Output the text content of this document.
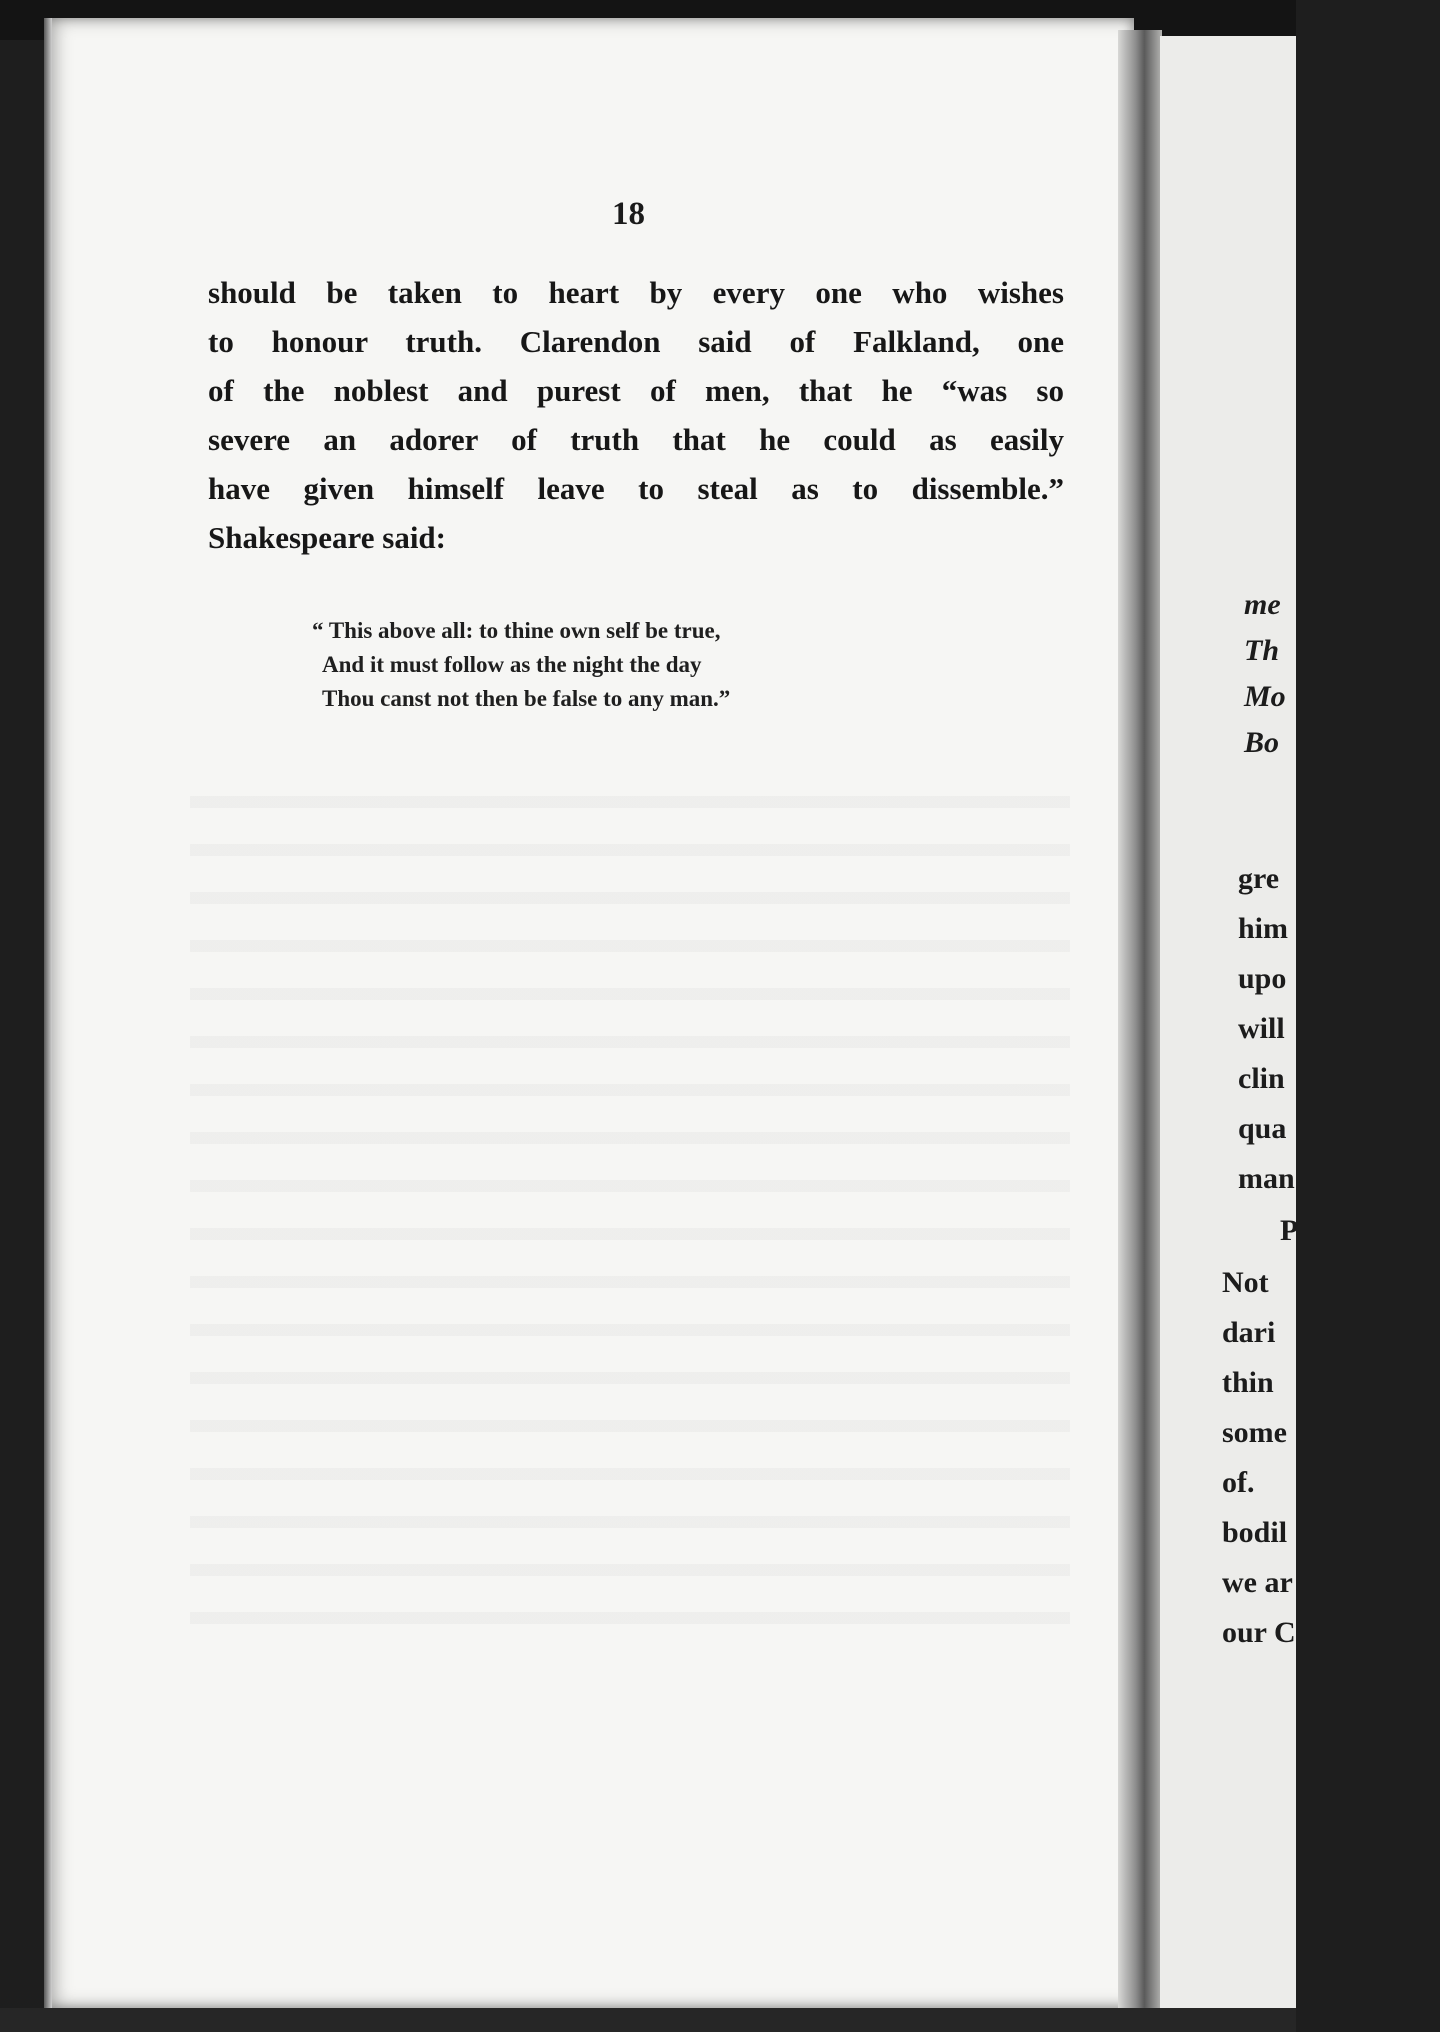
18
should be taken to heart by every one who wishes
to honour truth. Clarendon said of Falkland, one
of the noblest and purest of men, that he “was so
severe an adorer of truth that he could as easily
have given himself leave to steal as to dissemble.”
Shakespeare said:
“ This above all: to thine own self be true,
And it must follow as the night the day
Thou canst not then be false to any man.”
me
Th
Mo
Bo
gre
him
upo
will
clin
qua
man
P
Not
dari
thin
some
of.
bodil
we ar
our C
